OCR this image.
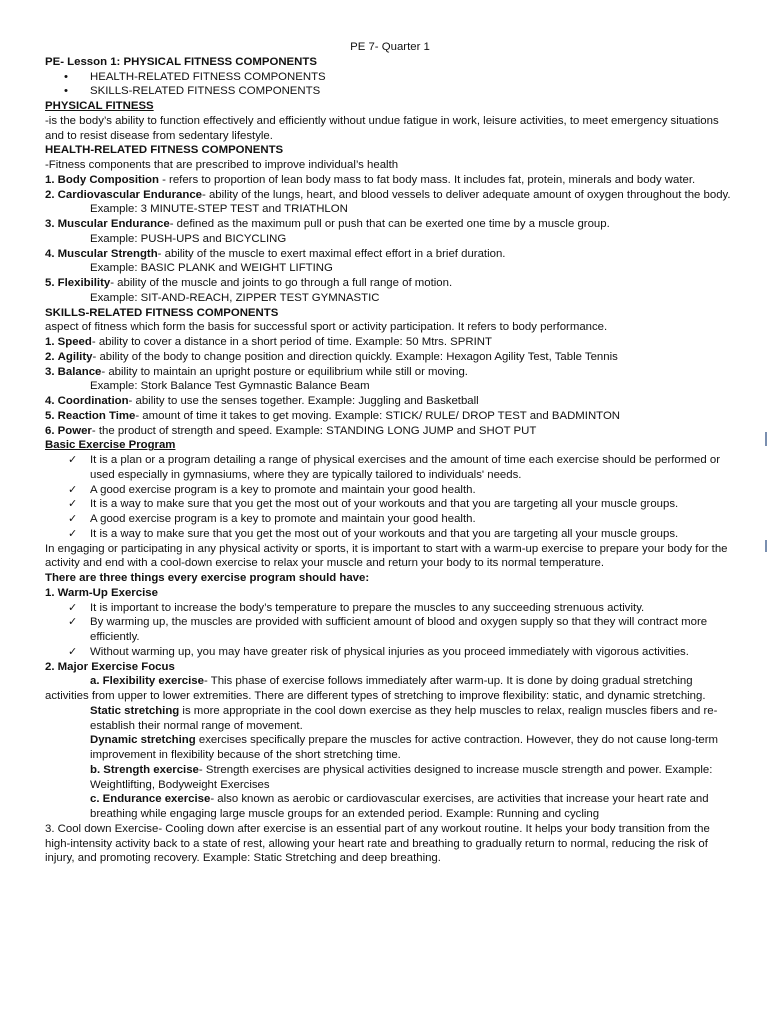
PE 7- Quarter 1

PE- Lesson 1: PHYSICAL FITNESS COMPONENTS

• HEALTH-RELATED FITNESS COMPONENTS
• SKILLS-RELATED FITNESS COMPONENTS

PHYSICAL FITNESS

-is the body’s ability to function effectively and efficiently without undue fatigue in work, leisure activities, to meet emergency situations and to resist disease from sedentary lifestyle.

HEALTH-RELATED FITNESS COMPONENTS

-Fitness components that are prescribed to improve individual’s health

1. Body Composition - refers to proportion of lean body mass to fat body mass. It includes fat, protein, minerals and body water.

2. Cardiovascular Endurance- ability of the lungs, heart, and blood vessels to deliver adequate amount of oxygen throughout the body. Example: 3 MINUTE-STEP TEST and TRIATHLON

3. Muscular Endurance- defined as the maximum pull or push that can be exerted one time by a muscle group.

Example: PUSH-UPS and BICYCLING

4. Muscular Strength- ability of the muscle to exert maximal effect effort in a brief duration.

Example: BASIC PLANK and WEIGHT LIFTING

5. Flexibility- ability of the muscle and joints to go through a full range of motion.

Example: SIT-AND-REACH, ZIPPER TEST GYMNASTIC

SKILLS-RELATED FITNESS COMPONENTS

aspect of fitness which form the basis for successful sport or activity participation. It refers to body performance.

1. Speed- ability to cover a distance in a short period of time. Example: 50 Mtrs. SPRINT

2. Agility- ability of the body to change position and direction quickly. Example: Hexagon Agility Test, Table Tennis

3. Balance- ability to maintain an upright posture or equilibrium while still or moving.

Example: Stork Balance Test Gymnastic Balance Beam

4. Coordination- ability to use the senses together. Example: Juggling and Basketball

5. Reaction Time- amount of time it takes to get moving. Example: STICK/ RULE/ DROP TEST and BADMINTON

6. Power- the product of strength and speed. Example: STANDING LONG JUMP and SHOT PUT

Basic Exercise Program

✓ It is a plan or a program detailing a range of physical exercises and the amount of time each exercise should be performed or used especially in gymnasiums, where they are typically tailored to individuals' needs.
✓ A good exercise program is a key to promote and maintain your good health.
✓ It is a way to make sure that you get the most out of your workouts and that you are targeting all your muscle groups.
✓ A good exercise program is a key to promote and maintain your good health.
✓ It is a way to make sure that you get the most out of your workouts and that you are targeting all your muscle groups.

In engaging or participating in any physical activity or sports, it is important to start with a warm-up exercise to prepare your body for the activity and end with a cool-down exercise to relax your muscle and return your body to its normal temperature.

There are three things every exercise program should have:

1. Warm-Up Exercise

✓ It is important to increase the body’s temperature to prepare the muscles to any succeeding strenuous activity.
✓ By warming up, the muscles are provided with sufficient amount of blood and oxygen supply so that they will contract more efficiently.
✓ Without warming up, you may have greater risk of physical injuries as you proceed immediately with vigorous activities.

2. Major Exercise Focus

a. Flexibility exercise- This phase of exercise follows immediately after warm-up. It is done by doing gradual stretching activities from upper to lower extremities. There are different types of stretching to improve flexibility: static, and dynamic stretching.

Static stretching is more appropriate in the cool down exercise as they help muscles to relax, realign muscles fibers and re-establish their normal range of movement.

Dynamic stretching exercises specifically prepare the muscles for active contraction. However, they do not cause long-term improvement in flexibility because of the short stretching time.

b. Strength exercise- Strength exercises are physical activities designed to increase muscle strength and power. Example: Weightlifting, Bodyweight Exercises

c. Endurance exercise- also known as aerobic or cardiovascular exercises, are activities that increase your heart rate and breathing while engaging large muscle groups for an extended period. Example: Running and cycling

3. Cool down Exercise- Cooling down after exercise is an essential part of any workout routine. It helps your body transition from the high-intensity activity back to a state of rest, allowing your heart rate and breathing to gradually return to normal, reducing the risk of injury, and promoting recovery. Example: Static Stretching and deep breathing.
